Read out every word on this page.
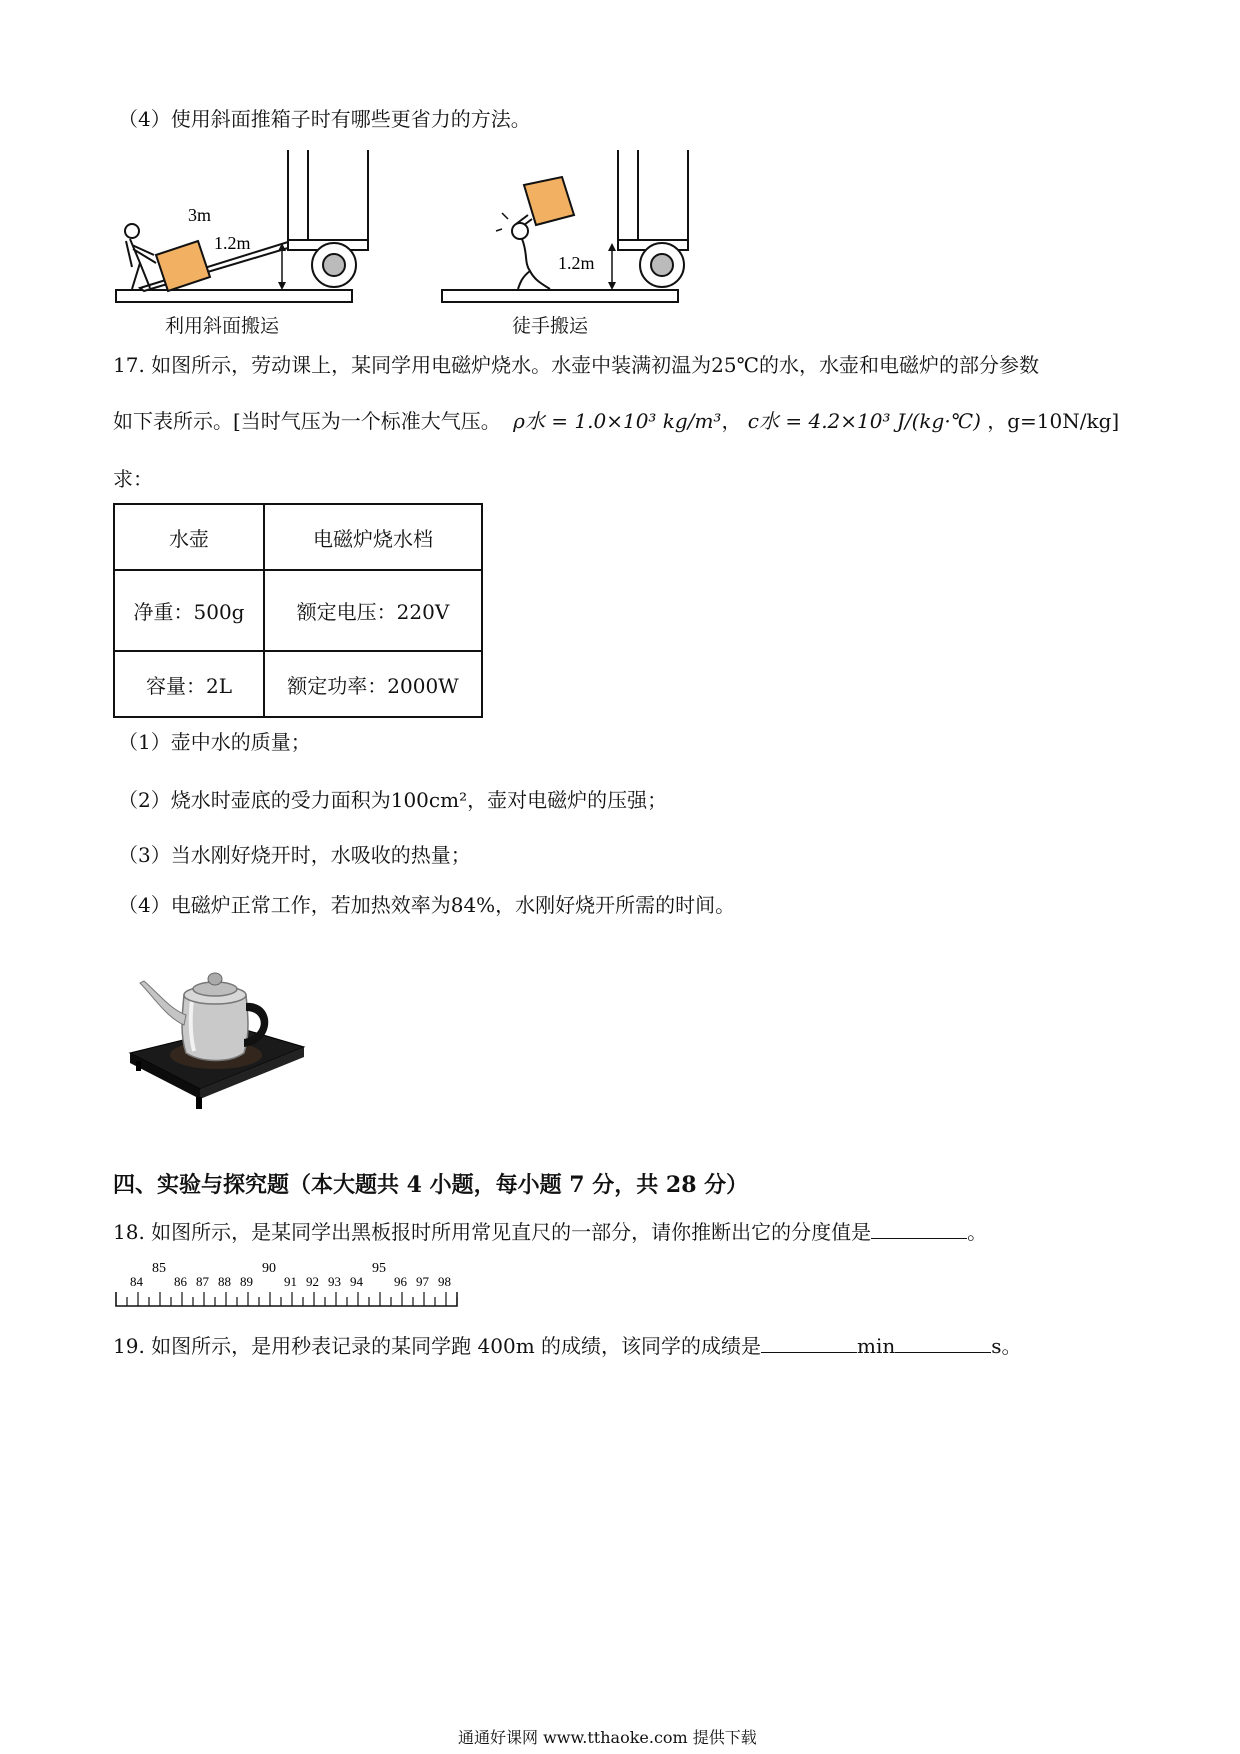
（4）使用斜面推箱子时有哪些更省力的方法。
3m
1.2m
1.2m
利用斜面搬运	徒手搬运
17. 如图所示，劳动课上，某同学用电磁炉烧水。水壶中装满初温为25℃的水，水壶和电磁炉的部分参数
如下表所示。[当时气压为一个标准大气压。 ρ水 = 1.0×10³ kg/m³， c水 = 4.2×10³ J/(kg·℃) ，g=10N/kg]
求：
水壶	电磁炉烧水档
净重：500g	额定电压：220V
容量：2L	额定功率：2000W
（1）壶中水的质量；
（2）烧水时壶底的受力面积为100cm²，壶对电磁炉的压强；
（3）当水刚好烧开时，水吸收的热量；
（4）电磁炉正常工作，若加热效率为84%，水刚好烧开所需的时间。
四、实验与探究题（本大题共 4 小题，每小题 7 分，共 28 分）
18. 如图所示，是某同学出黑板报时所用常见直尺的一部分，请你推断出它的分度值是	。
85	90	95
84 86 87 88 89 91 92 93 94 96 97 98
19. 如图所示，是用秒表记录的某同学跑 400m 的成绩，该同学的成绩是	min	s。
通通好课网 www.tthaoke.com 提供下载
